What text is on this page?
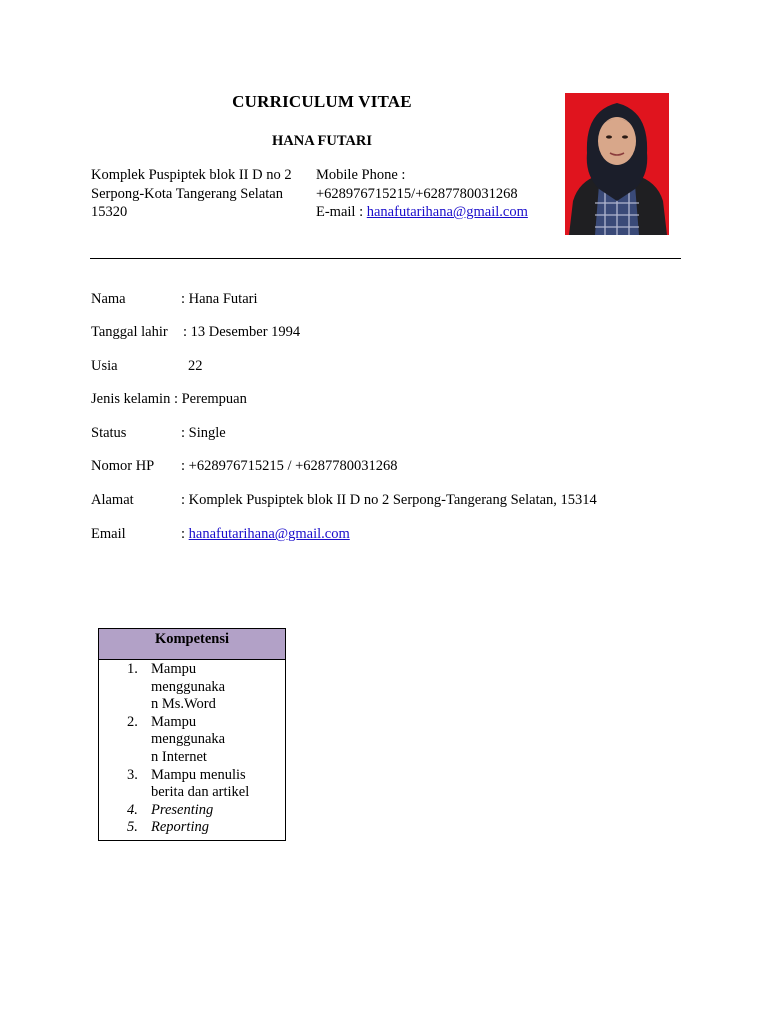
CURRICULUM VITAE
HANA FUTARI
Komplek Puspiptek blok II D no 2
Serpong-Kota Tangerang Selatan
15320
Mobile Phone :
+628976715215/+6287780031268
E-mail : hanafutarihana@gmail.com
Nama	: Hana Futari
Tanggal lahir : 13 Desember 1994
Usia	22
Jenis kelamin : Perempuan
Status	: Single
Nomor HP : +628976715215 / +6287780031268
Alamat	: Komplek Puspiptek blok II D no 2 Serpong-Tangerang Selatan, 15314
Email	: hanafutarihana@gmail.com
Kompetensi
1. Mampu
menggunaka
n Ms.Word
2. Mampu
menggunaka
n Internet
3. Mampu menulis
berita dan artikel
4. Presenting
5. Reporting
